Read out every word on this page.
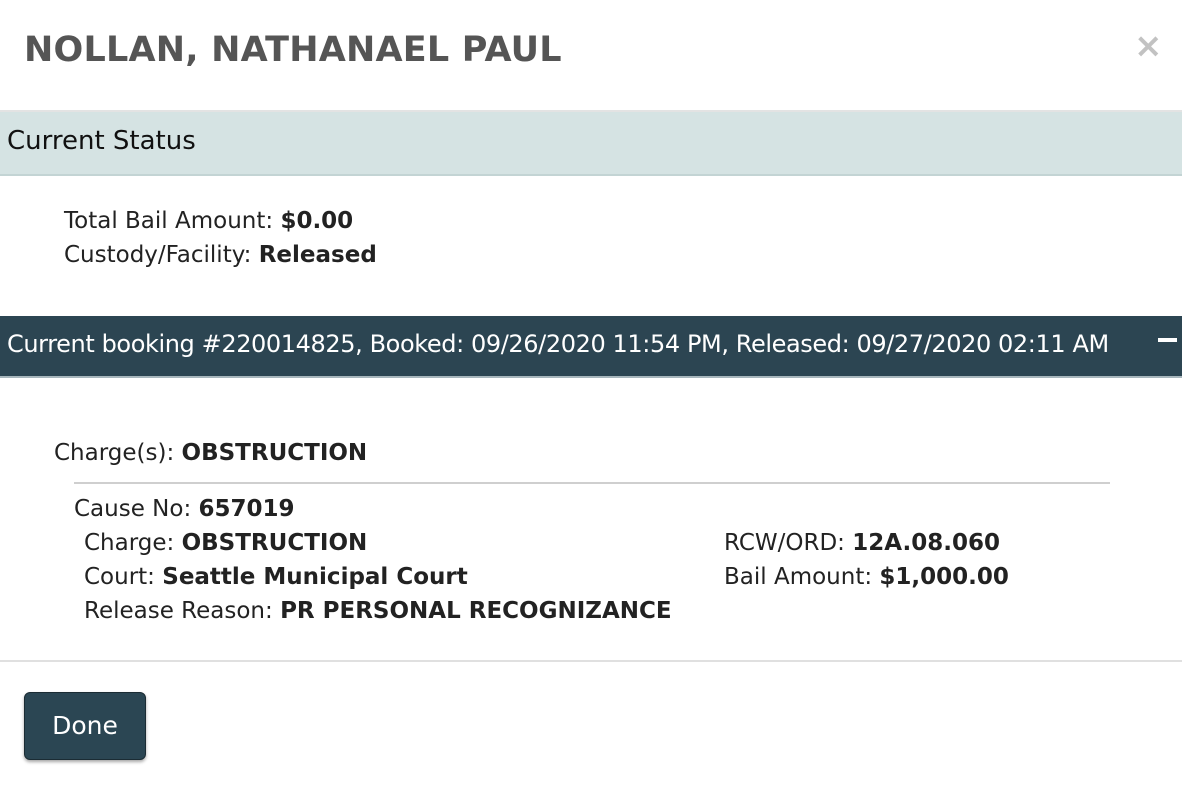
NOLLAN, NATHANAEL PAUL	×
Current Status
Total Bail Amount: $0.00
Custody/Facility: Released
Current booking #220014825, Booked: 09/26/2020 11:54 PM, Released: 09/27/2020 02:11 AM
Charge(s): OBSTRUCTION
Cause No: 657019
Charge: OBSTRUCTION
Court: Seattle Municipal Court
Release Reason: PR PERSONAL RECOGNIZANCE
RCW/ORD: 12A.08.060
Bail Amount: $1,000.00
Done
